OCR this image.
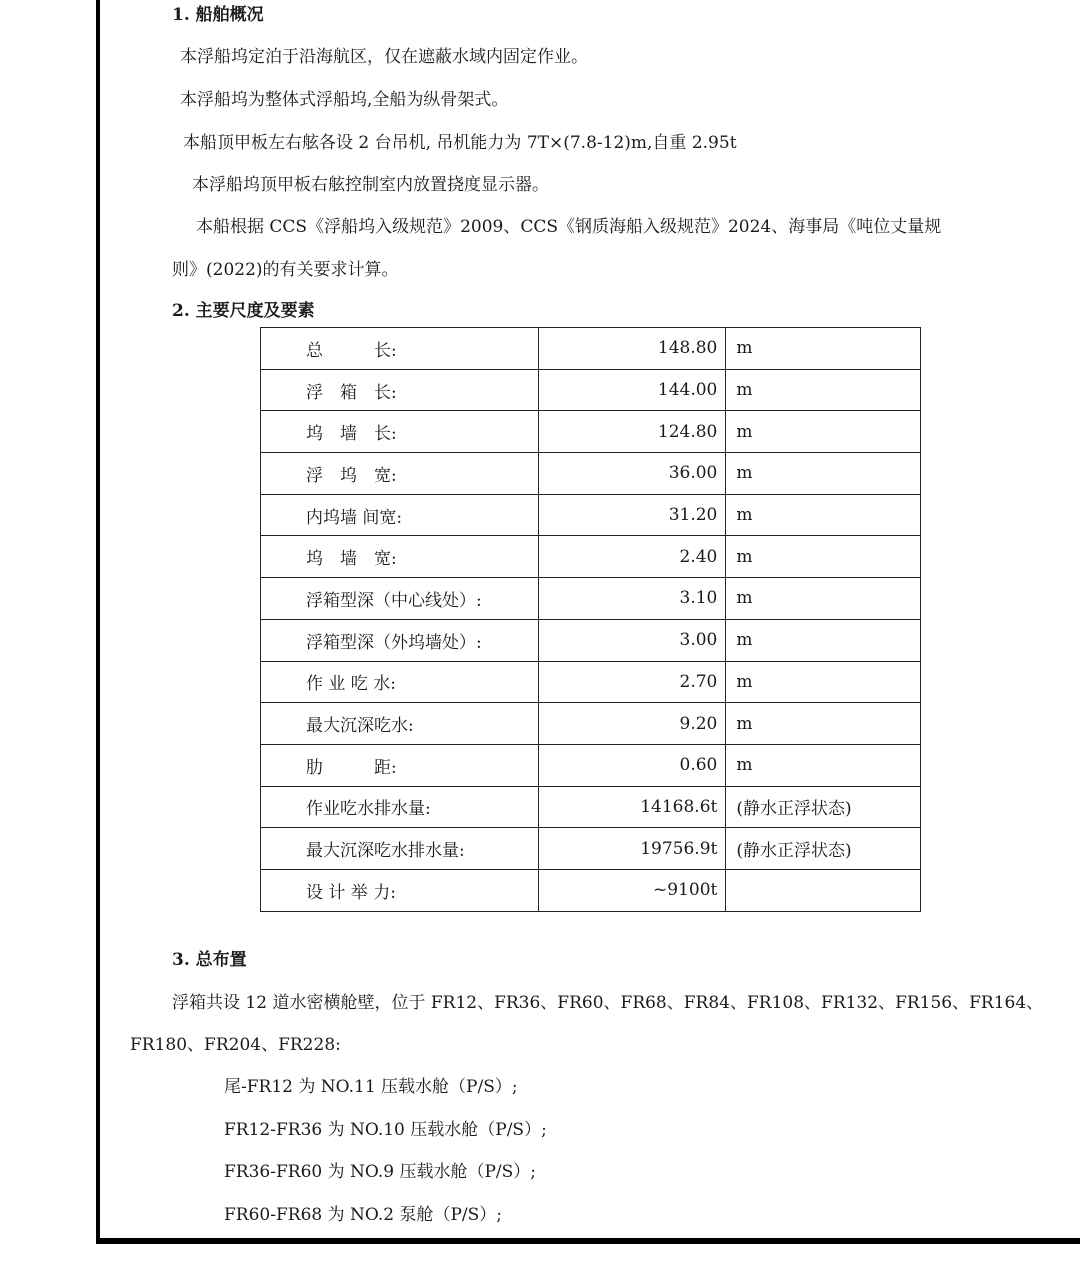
1. 船舶概况

本浮船坞定泊于沿海航区，仅在遮蔽水域内固定作业。

本浮船坞为整体式浮船坞,全船为纵骨架式。

本船顶甲板左右舷各设 2 台吊机, 吊机能力为 7T×(7.8-12)m,自重 2.95t

本浮船坞顶甲板右舷控制室内放置挠度显示器。

本船根据 CCS《浮船坞入级规范》2009、CCS《钢质海船入级规范》2024、海事局《吨位丈量规

则》(2022)的有关要求计算。

2. 主要尺度及要素
总　　　长:	148.80	m
浮　箱　长:	144.00	m
坞　墙　长:	124.80	m
浮　坞　宽:	36.00	m
内坞墙 间宽:	31.20	m
坞　墙　宽:	2.40	m
浮箱型深（中心线处）:	3.10	m
浮箱型深（外坞墙处）:	3.00	m
作 业 吃 水:	2.70	m
最大沉深吃水:	9.20	m
肋　　　距:	0.60	m
作业吃水排水量:	14168.6t	(静水正浮状态)
最大沉深吃水排水量:	19756.9t	(静水正浮状态)
设 计 举 力:	~9100t	
3. 总布置

浮箱共设 12 道水密横舱壁，位于 FR12、FR36、FR60、FR68、FR84、FR108、FR132、FR156、FR164、

FR180、FR204、FR228:

尾-FR12 为 NO.11 压载水舱（P/S）;

FR12-FR36 为 NO.10 压载水舱（P/S）;

FR36-FR60 为 NO.9 压载水舱（P/S）;

FR60-FR68 为 NO.2 泵舱（P/S）;
